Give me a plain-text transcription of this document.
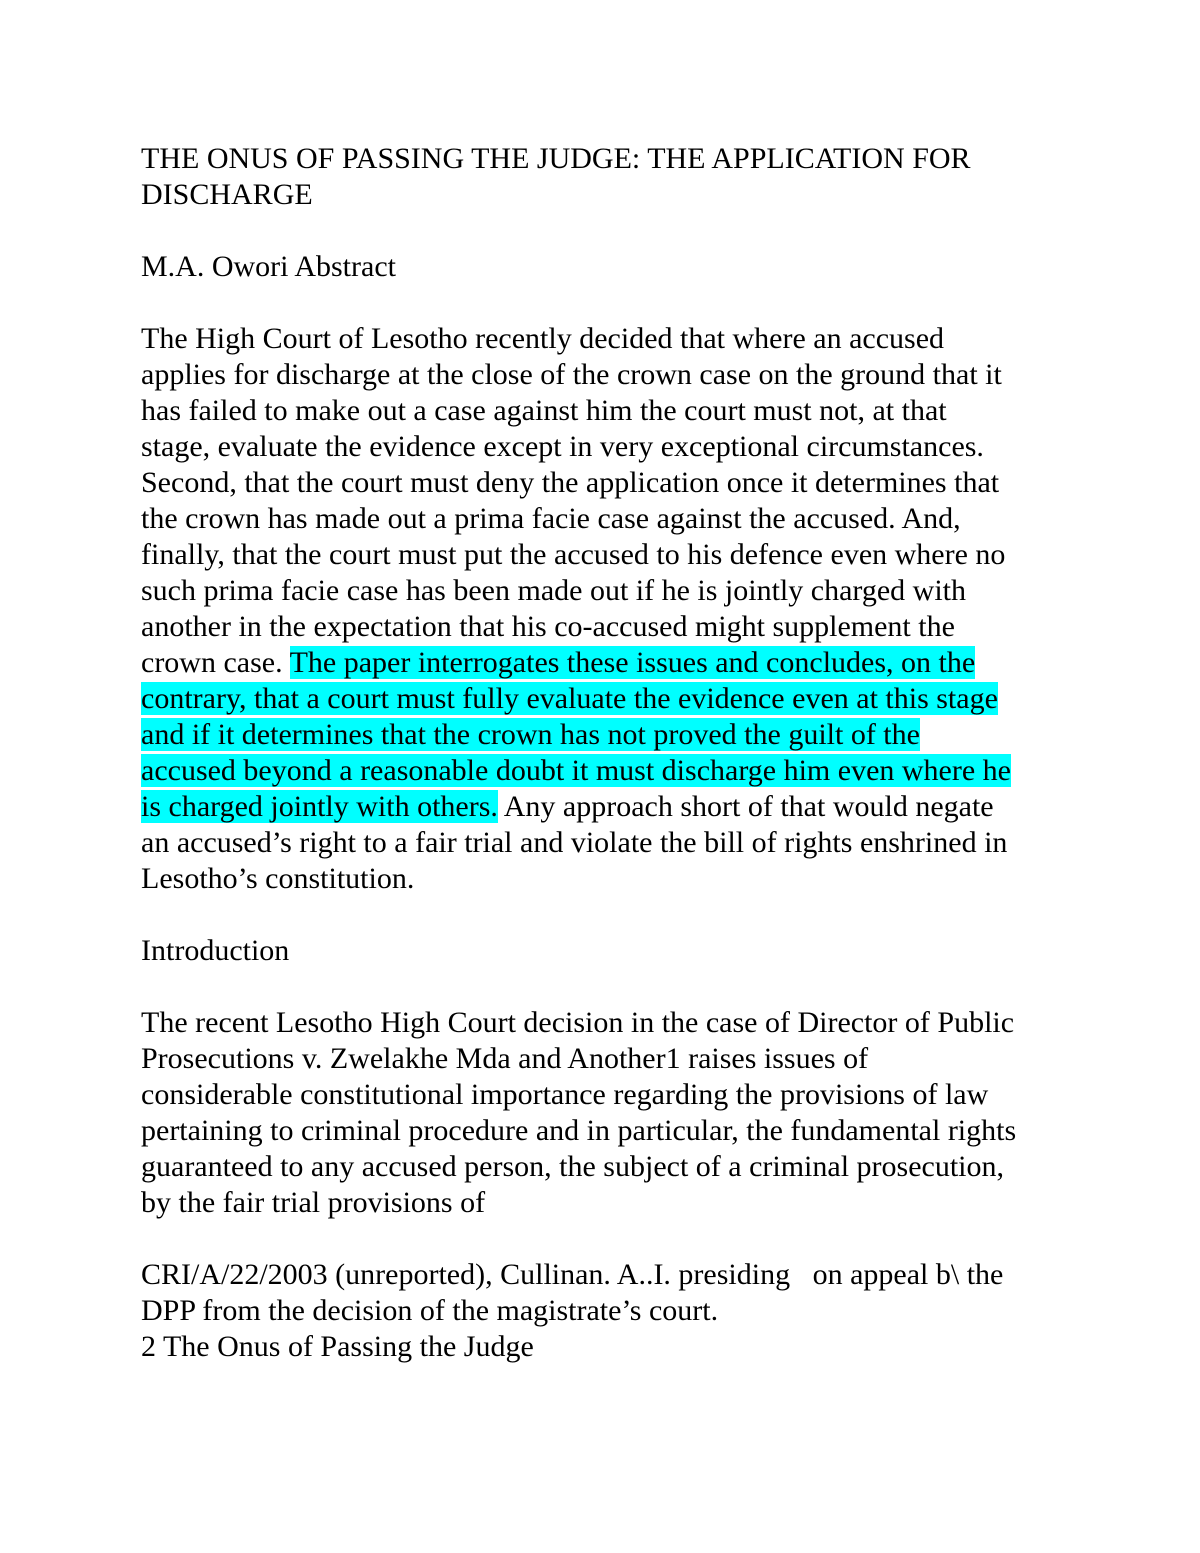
THE ONUS OF PASSING THE JUDGE: THE APPLICATION FOR
DISCHARGE
M.A. Owori Abstract
The High Court of Lesotho recently decided that where an accused
applies for discharge at the close of the crown case on the ground that it
has failed to make out a case against him the court must not, at that
stage, evaluate the evidence except in very exceptional circumstances.
Second, that the court must deny the application once it determines that
the crown has made out a prima facie case against the accused. And,
finally, that the court must put the accused to his defence even where no
such prima facie case has been made out if he is jointly charged with
another in the expectation that his co-accused might supplement the
crown case. The paper interrogates these issues and concludes, on the
contrary, that a court must fully evaluate the evidence even at this stage
and if it determines that the crown has not proved the guilt of the
accused beyond a reasonable doubt it must discharge him even where he
is charged jointly with others. Any approach short of that would negate
an accused’s right to a fair trial and violate the bill of rights enshrined in
Lesotho’s constitution.
Introduction
The recent Lesotho High Court decision in the case of Director of Public
Prosecutions v. Zwelakhe Mda and Another1 raises issues of
considerable constitutional importance regarding the provisions of law
pertaining to criminal procedure and in particular, the fundamental rights
guaranteed to any accused person, the subject of a criminal prosecution,
by the fair trial provisions of
CRI/A/22/2003 (unreported), Cullinan. A..I. presiding   on appeal b\ the
DPP from the decision of the magistrate’s court.
2 The Onus of Passing the Judge
